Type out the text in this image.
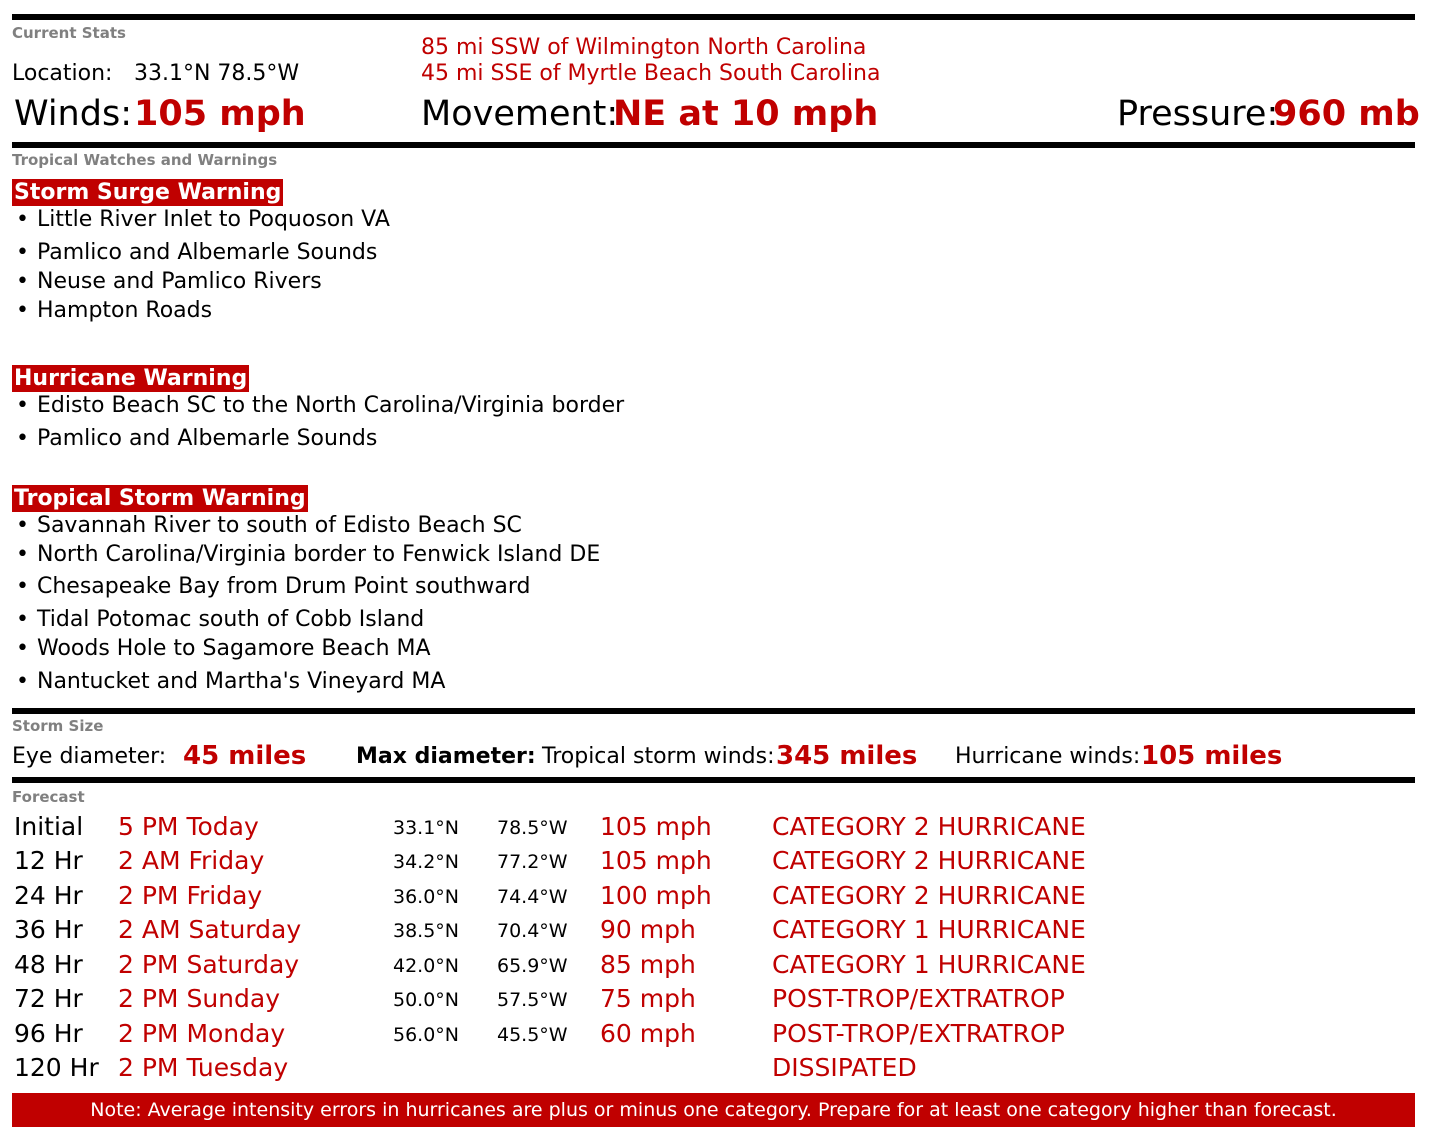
Current Stats
Location: 33.1°N 78.5°W
85 mi SSW of Wilmington North Carolina
45 mi SSE of Myrtle Beach South Carolina
Winds: 105 mph	Movement:
NE at 10 mph	Pressure:
960 mb
Tropical Watches and Warnings
Storm Surge Warning
• Little River Inlet to Poquoson VA
• Pamlico and Albemarle Sounds
• Neuse and Pamlico Rivers
• Hampton Roads
Hurricane Warning
• Edisto Beach SC to the North Carolina/Virginia border
• Pamlico and Albemarle Sounds
Tropical Storm Warning
• Savannah River to south of Edisto Beach SC
• North Carolina/Virginia border to Fenwick Island DE
• Chesapeake Bay from Drum Point southward
• Tidal Potomac south of Cobb Island
• Woods Hole to Sagamore Beach MA
• Nantucket and Martha's Vineyard MA
Storm Size
Eye diameter: 45 miles Max diameter: Tropical storm winds: 345 miles Hurricane winds: 105 miles
Forecast
Initial 5 PM Today	33.1°N 78.5°W 105 mph CATEGORY 2 HURRICANE
12 Hr 2 AM Friday	34.2°N 77.2°W 105 mph CATEGORY 2 HURRICANE
24 Hr 2 PM Friday	36.0°N 74.4°W 100 mph CATEGORY 2 HURRICANE
36 Hr 2 AM Saturday	38.5°N 70.4°W 90 mph	CATEGORY 1 HURRICANE
48 Hr 2 PM Saturday	42.0°N 65.9°W 85 mph	CATEGORY 1 HURRICANE
72 Hr 2 PM Sunday	50.0°N 57.5°W 75 mph	POST-TROP/EXTRATROP
96 Hr 2 PM Monday	56.0°N 45.5°W 60 mph	POST-TROP/EXTRATROP
120 Hr 2 PM Tuesday	DISSIPATED
Note: Average intensity errors in hurricanes are plus or minus one category. Prepare for at least one category higher than forecast.
